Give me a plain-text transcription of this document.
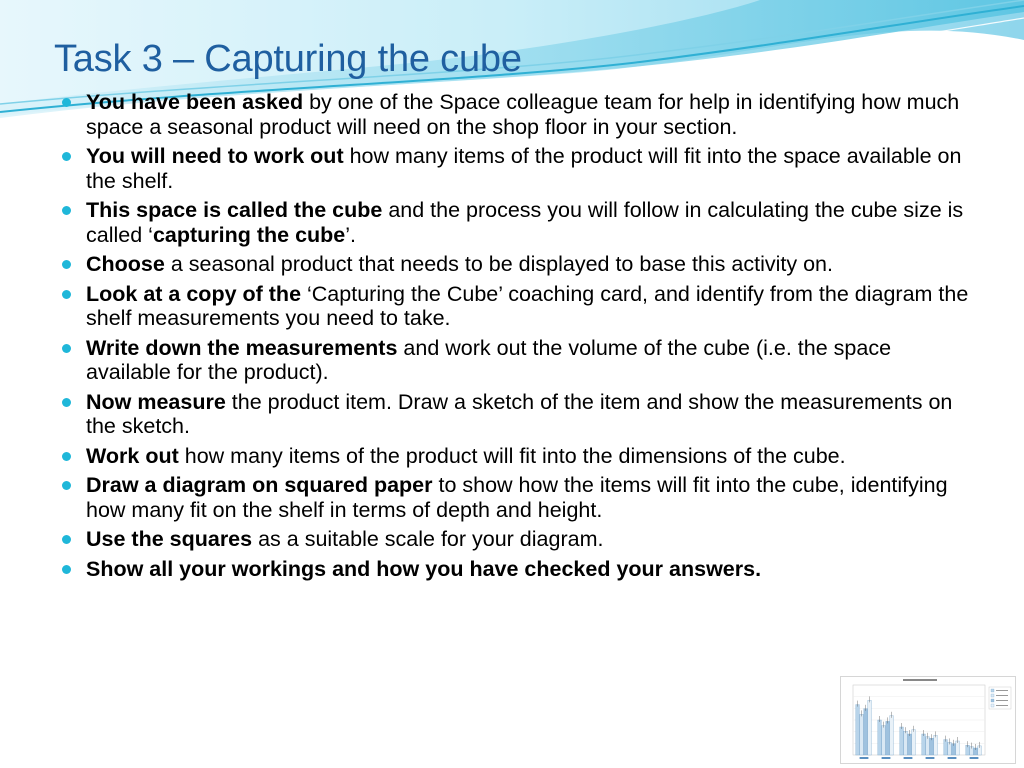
Task 3 – Capturing the cube
You have been asked by one of the Space colleague team for help in identifying how much space a seasonal product will need on the shop floor in your section.
You will need to work out how many items of the product will fit into the space available on the shelf.
This space is called the cube and the process you will follow in calculating the cube size is called ‘capturing the cube’.
Choose a seasonal product that needs to be displayed to base this activity on.
Look at a copy of the ‘Capturing the Cube’ coaching card, and identify from the diagram the shelf measurements you need to take.
Write down the measurements and work out the volume of the cube (i.e. the space available for the product).
Now measure the product item. Draw a sketch of the item and show the measurements on the sketch.
Work out how many items of the product will fit into the dimensions of the cube.
Draw a diagram on squared paper to show how the items will fit into the cube, identifying how many fit on the shelf in terms of depth and height.
Use the squares as a suitable scale for your diagram.
Show all your workings and how you have checked your answers.
